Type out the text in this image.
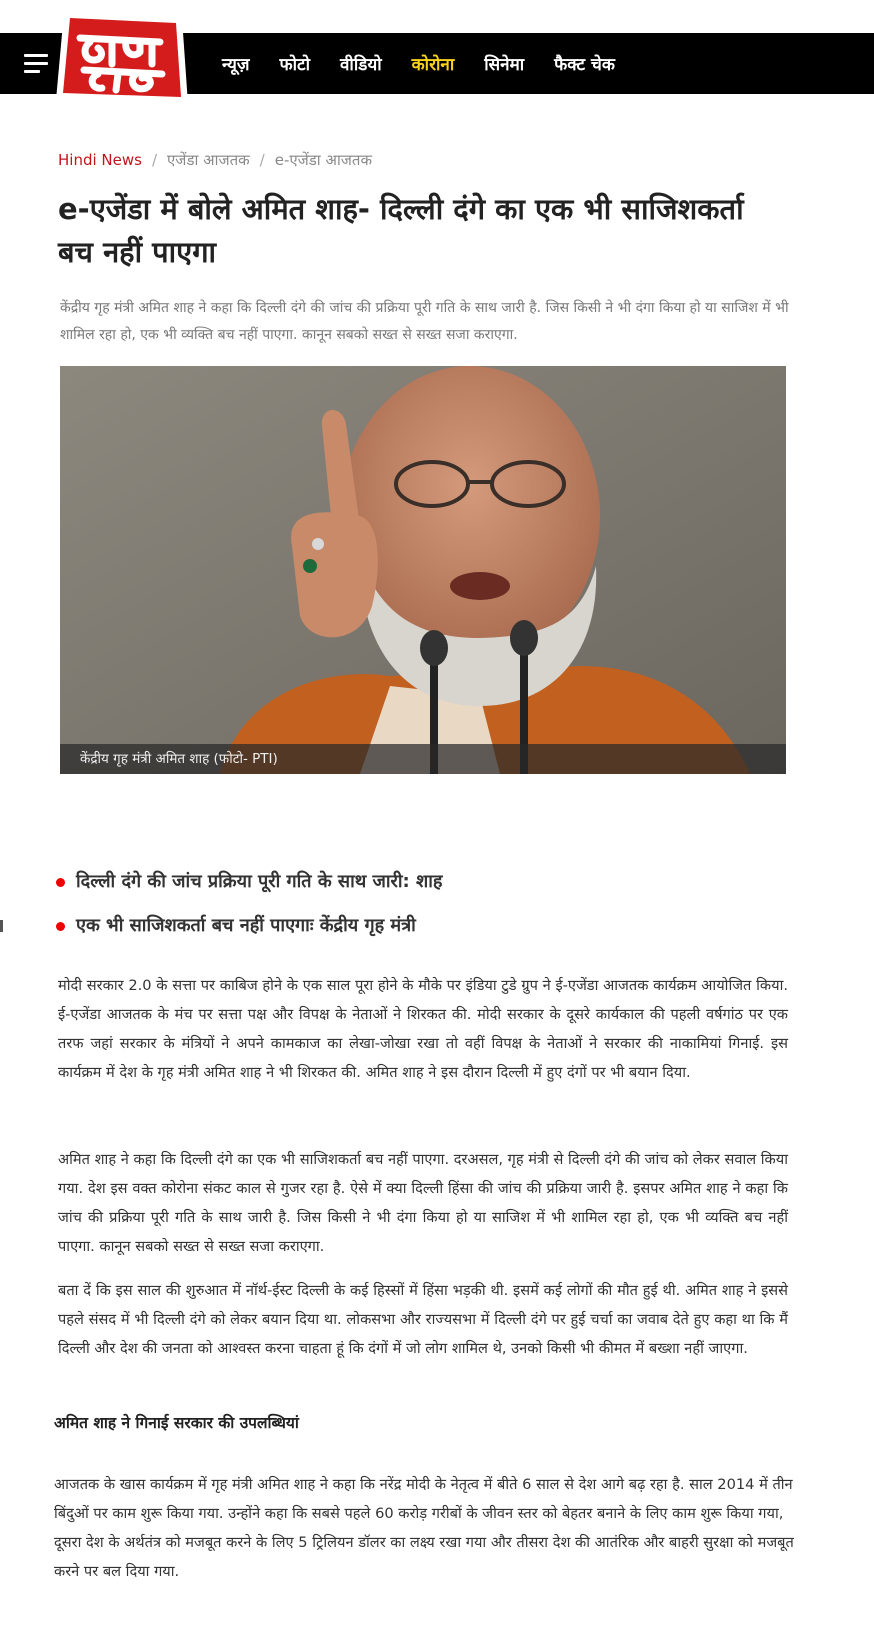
न्यूज़ फोटो वीडियो कोरोना सिनेमा फैक्ट चेक
Hindi News / एजेंडा आजतक / e-एजेंडा आजतक
e-एजेंडा में बोले अमित शाह- दिल्ली दंगे का एक भी साजिशकर्ता बच नहीं पाएगा

केंद्रीय गृह मंत्री अमित शाह ने कहा कि दिल्ली दंगे की जांच की प्रक्रिया पूरी गति के साथ जारी है. जिस किसी ने भी दंगा किया हो या साजिश में भी शामिल रहा हो, एक भी व्यक्ति बच नहीं पाएगा. कानून सबको सख्त से सख्त सजा कराएगा.

केंद्रीय गृह मंत्री अमित शाह (फोटो- PTI)
दिल्ली दंगे की जांच प्रक्रिया पूरी गति के साथ जारी: शाह
एक भी साजिशकर्ता बच नहीं पाएगाः केंद्रीय गृह मंत्री

मोदी सरकार 2.0 के सत्ता पर काबिज होने के एक साल पूरा होने के मौके पर इंडिया टुडे ग्रुप ने ई-एजेंडा आजतक कार्यक्रम आयोजित किया. ई-एजेंडा आजतक के मंच पर सत्ता पक्ष और विपक्ष के नेताओं ने शिरकत की. मोदी सरकार के दूसरे कार्यकाल की पहली वर्षगांठ पर एक तरफ जहां सरकार के मंत्रियों ने अपने कामकाज का लेखा-जोखा रखा तो वहीं विपक्ष के नेताओं ने सरकार की नाकामियां गिनाई. इस कार्यक्रम में देश के गृह मंत्री अमित शाह ने भी शिरकत की. अमित शाह ने इस दौरान दिल्ली में हुए दंगों पर भी बयान दिया.

अमित शाह ने कहा कि दिल्ली दंगे का एक भी साजिशकर्ता बच नहीं पाएगा. दरअसल, गृह मंत्री से दिल्ली दंगे की जांच को लेकर सवाल किया गया. देश इस वक्त कोरोना संकट काल से गुजर रहा है. ऐसे में क्या दिल्ली हिंसा की जांच की प्रक्रिया जारी है. इसपर अमित शाह ने कहा कि जांच की प्रक्रिया पूरी गति के साथ जारी है. जिस किसी ने भी दंगा किया हो या साजिश में भी शामिल रहा हो, एक भी व्यक्ति बच नहीं पाएगा. कानून सबको सख्त से सख्त सजा कराएगा.

बता दें कि इस साल की शुरुआत में नॉर्थ-ईस्ट दिल्ली के कई हिस्सों में हिंसा भड़की थी. इसमें कई लोगों की मौत हुई थी. अमित शाह ने इससे पहले संसद में भी दिल्ली दंगे को लेकर बयान दिया था. लोकसभा और राज्यसभा में दिल्ली दंगे पर हुई चर्चा का जवाब देते हुए कहा था कि मैं दिल्ली और देश की जनता को आश्वस्त करना चाहता हूं कि दंगों में जो लोग शामिल थे, उनको किसी भी कीमत में बख्शा नहीं जाएगा.

अमित शाह ने गिनाई सरकार की उपलब्धियां

आजतक के खास कार्यक्रम में गृह मंत्री अमित शाह ने कहा कि नरेंद्र मोदी के नेतृत्व में बीते 6 साल से देश आगे बढ़ रहा है. साल 2014 में तीन बिंदुओं पर काम शुरू किया गया. उन्होंने कहा कि सबसे पहले 60 करोड़ गरीबों के जीवन स्तर को बेहतर बनाने के लिए काम शुरू किया गया, दूसरा देश के अर्थतंत्र को मजबूत करने के लिए 5 ट्रिलियन डॉलर का लक्ष्य रखा गया और तीसरा देश की आतंरिक और बाहरी सुरक्षा को मजबूत करने पर बल दिया गया.
